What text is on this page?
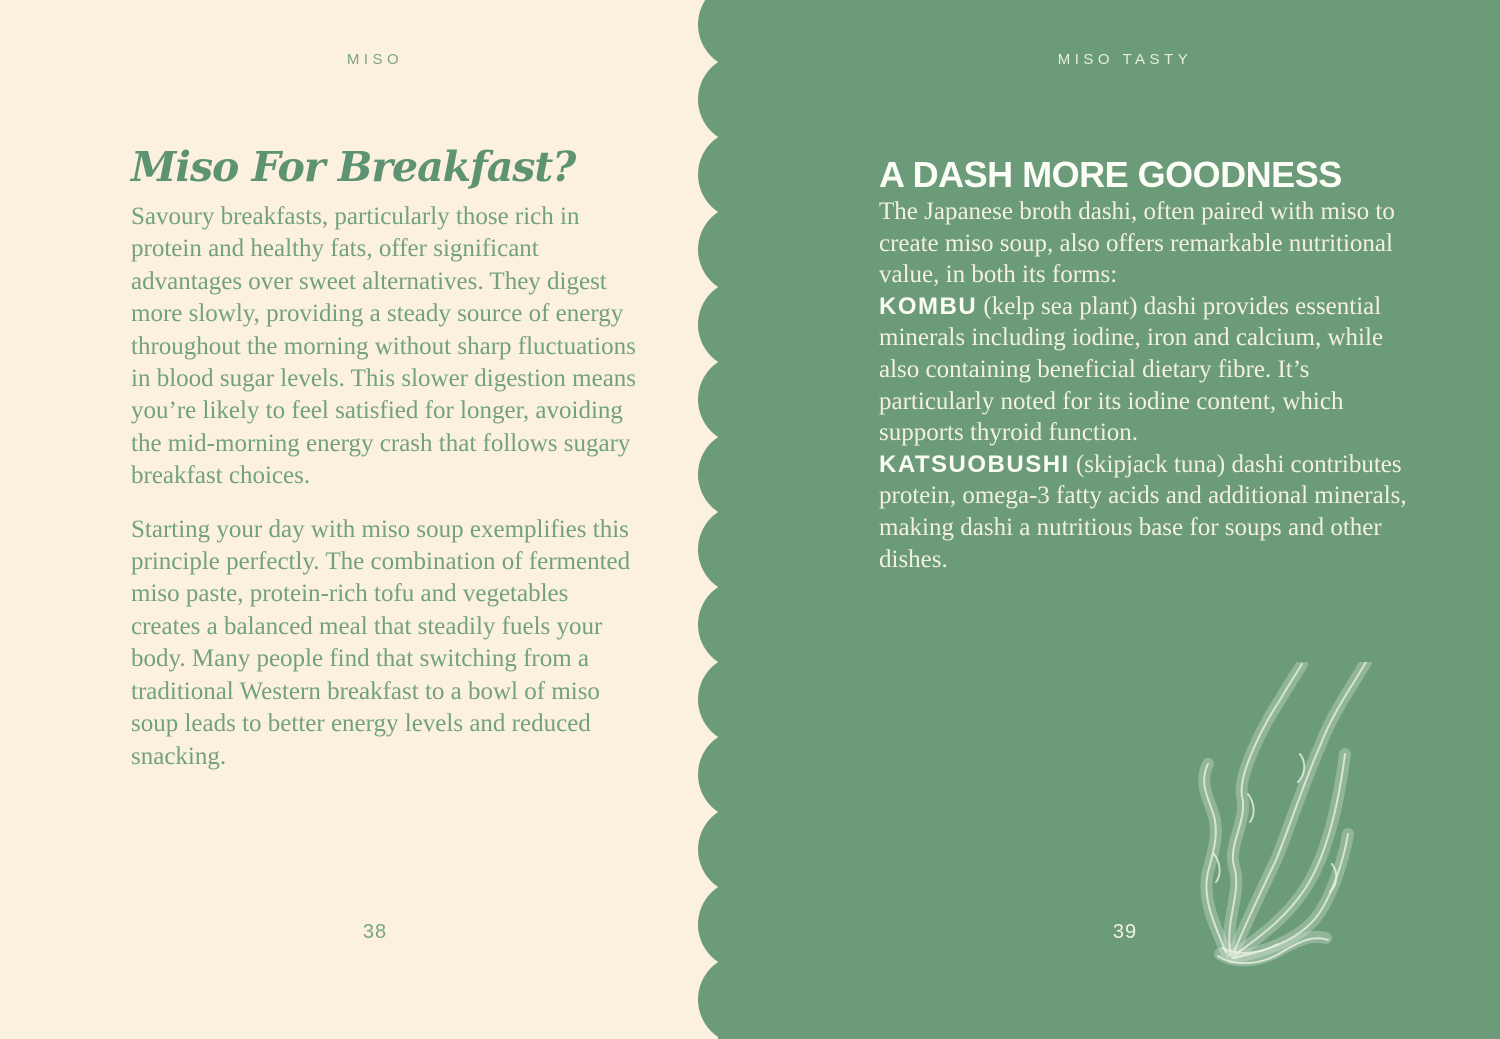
MISO
Miso For Breakfast?

Savoury breakfasts, particularly those rich in protein and healthy fats, offer significant advantages over sweet alternatives. They digest more slowly, providing a steady source of energy throughout the morning without sharp fluctuations in blood sugar levels. This slower digestion means you’re likely to feel satisfied for longer, avoiding the mid-morning energy crash that follows sugary breakfast choices.

Starting your day with miso soup exemplifies this principle perfectly. The combination of fermented miso paste, protein-rich tofu and vegetables creates a balanced meal that steadily fuels your body. Many people find that switching from a traditional Western breakfast to a bowl of miso soup leads to better energy levels and reduced snacking.

38
MISO TASTY
A DASH MORE GOODNESS

The Japanese broth dashi, often paired with miso to create miso soup, also offers remarkable nutritional value, in both its forms:

KOMBU (kelp sea plant) dashi provides essential minerals including iodine, iron and calcium, while also containing beneficial dietary fibre. It’s particularly noted for its iodine content, which supports thyroid function.

KATSUOBUSHI (skipjack tuna) dashi contributes protein, omega-3 fatty acids and additional minerals, making dashi a nutritious base for soups and other dishes.

39
